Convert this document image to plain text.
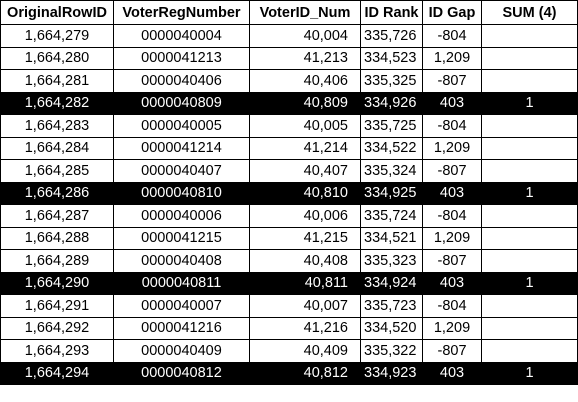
OriginalRowID	VoterRegNumber	VoterID_Num	ID Rank	ID Gap	SUM (4)
1,664,279	0000040004	40,004	335,726	-804	
1,664,280	0000041213	41,213	334,523	1,209	
1,664,281	0000040406	40,406	335,325	-807	
1,664,282	0000040809	40,809	334,926	403	1
1,664,283	0000040005	40,005	335,725	-804	
1,664,284	0000041214	41,214	334,522	1,209	
1,664,285	0000040407	40,407	335,324	-807	
1,664,286	0000040810	40,810	334,925	403	1
1,664,287	0000040006	40,006	335,724	-804	
1,664,288	0000041215	41,215	334,521	1,209	
1,664,289	0000040408	40,408	335,323	-807	
1,664,290	0000040811	40,811	334,924	403	1
1,664,291	0000040007	40,007	335,723	-804	
1,664,292	0000041216	41,216	334,520	1,209	
1,664,293	0000040409	40,409	335,322	-807	
1,664,294	0000040812	40,812	334,923	403	1
